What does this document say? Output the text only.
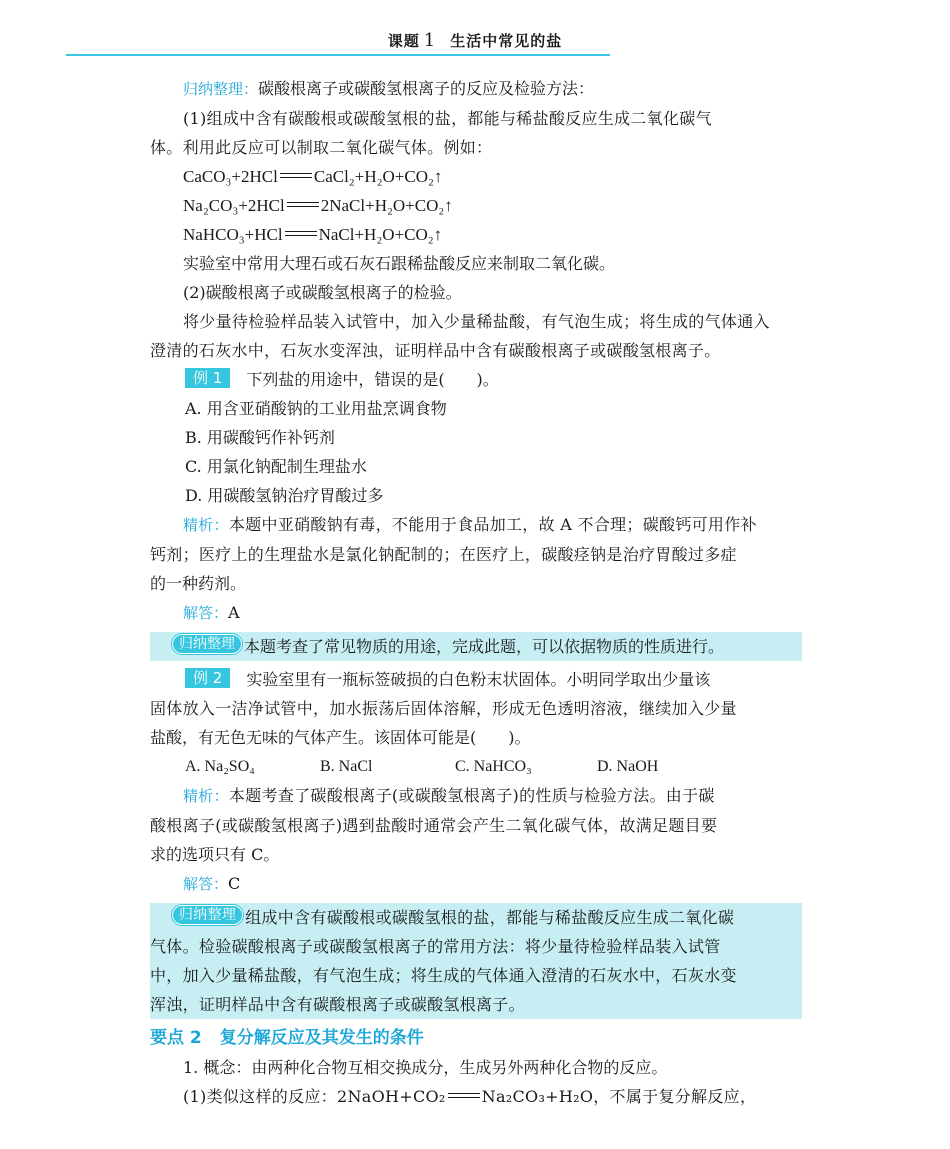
课题 1 生活中常见的盐
归纳整理：碳酸根离子或碳酸氢根离子的反应及检验方法：
(1)组成中含有碳酸根或碳酸氢根的盐，都能与稀盐酸反应生成二氧化碳气
体。利用此反应可以制取二氧化碳气体。例如：
CaCO₃+2HCl CaCl₂+H₂O+CO₂↑
Na₂CO₃+2HCl 2NaCl+H₂O+CO₂↑
NaHCO₃+HCl NaCl+H₂O+CO₂↑
实验室中常用大理石或石灰石跟稀盐酸反应来制取二氧化碳。
(2)碳酸根离子或碳酸氢根离子的检验。
将少量待检验样品装入试管中，加入少量稀盐酸，有气泡生成；将生成的气体通入
澄清的石灰水中，石灰水变浑浊，证明样品中含有碳酸根离子或碳酸氢根离子。
例 1 下列盐的用途中，错误的是(　　)。
A. 用含亚硝酸钠的工业用盐烹调食物
B. 用碳酸钙作补钙剂
C. 用氯化钠配制生理盐水
D. 用碳酸氢钠治疗胃酸过多
精析：本题中亚硝酸钠有毒，不能用于食品加工，故 A 不合理；碳酸钙可用作补
钙剂；医疗上的生理盐水是氯化钠配制的；在医疗上，碳酸痉钠是治疗胃酸过多症
的一种药剂。
解答：A
归纳整理 本题考查了常见物质的用途，完成此题，可以依据物质的性质进行。
例 2 实验室里有一瓶标签破损的白色粉末状固体。小明同学取出少量该
固体放入一洁净试管中，加水振荡后固体溶解，形成无色透明溶液，继续加入少量
盐酸，有无色无味的气体产生。该固体可能是(　　)。
A. Na₂SO₄	B. NaCl	C. NaHCO₃	D. NaOH
精析：本题考查了碳酸根离子(或碳酸氢根离子)的性质与检验方法。由于碳
酸根离子(或碳酸氢根离子)遇到盐酸时通常会产生二氧化碳气体，故满足题目要
求的选项只有 C。
解答：C
归纳整理 组成中含有碳酸根或碳酸氢根的盐，都能与稀盐酸反应生成二氧化碳
气体。检验碳酸根离子或碳酸氢根离子的常用方法：将少量待检验样品装入试管
中，加入少量稀盐酸，有气泡生成；将生成的气体通入澄清的石灰水中，石灰水变
浑浊，证明样品中含有碳酸根离子或碳酸氢根离子。
要点 2 复分解反应及其发生的条件
1. 概念：由两种化合物互相交换成分，生成另外两种化合物的反应。
(1)类似这样的反应：2NaOH+CO₂ Na₂CO₃+H₂O，不属于复分解反应，
